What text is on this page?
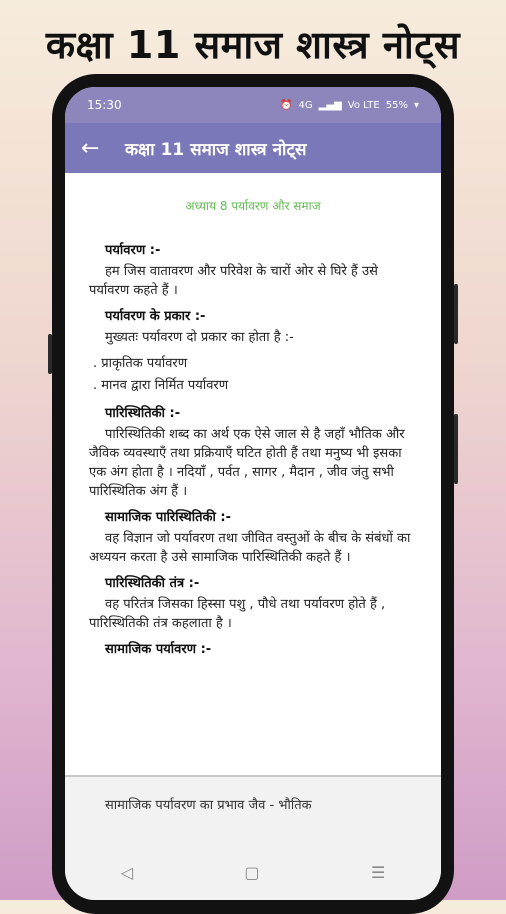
कक्षा 11 समाज शास्त्र नोट्स
15:30	⏰ 4G ▂▄▆ Vo LTE 55% ▾
←	कक्षा 11 समाज शास्त्र नोट्स
अध्याय 8 पर्यावरण और समाज
पर्यावरण :-

हम जिस वातावरण और परिवेश के चारों ओर से घिरे हैं उसे पर्यावरण कहते हैं ।

पर्यावरण के प्रकार :-

मुख्यतः पर्यावरण दो प्रकार का होता है :-

. प्राकृतिक पर्यावरण
. मानव द्वारा निर्मित पर्यावरण
पारिस्थितिकी :-

पारिस्थितिकी शब्द का अर्थ एक ऐसे जाल से है जहाँ भौतिक और जैविक व्यवस्थाएँ तथा प्रक्रियाएँ घटित होती हैं तथा मनुष्य भी इसका एक अंग होता है । नदियाँ , पर्वत , सागर , मैदान , जीव जंतु सभी पारिस्थितिक अंग हैं ।

सामाजिक पारिस्थितिकी :-

वह विज्ञान जो पर्यावरण तथा जीवित वस्तुओं के बीच के संबंधों का अध्ययन करता है उसे सामाजिक पारिस्थितिकी कहते हैं ।

पारिस्थितिकी तंत्र :-

वह परितंत्र जिसका हिस्सा पशु , पौधे तथा पर्यावरण होते हैं , पारिस्थितिकी तंत्र कहलाता है ।

सामाजिक पर्यावरण :-
सामाजिक पर्यावरण का प्रभाव जैव - भौतिक
◁	▢	☰
